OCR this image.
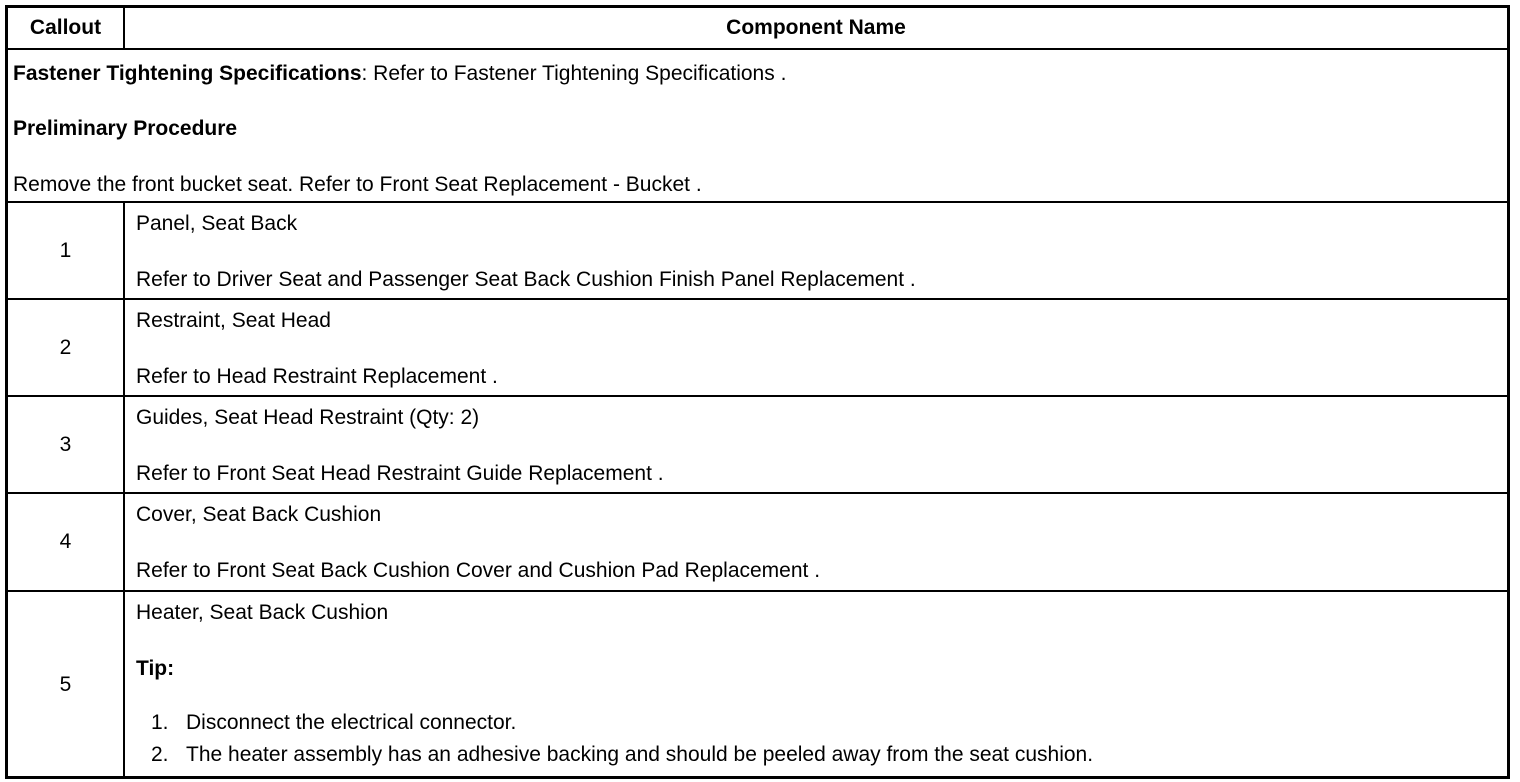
Callout	Component Name
Fastener Tightening Specifications: Refer to Fastener Tightening Specifications .
Preliminary Procedure
Remove the front bucket seat. Refer to Front Seat Replacement - Bucket .
1
Panel, Seat Back
Refer to Driver Seat and Passenger Seat Back Cushion Finish Panel Replacement .
2
Restraint, Seat Head
Refer to Head Restraint Replacement .
3
Guides, Seat Head Restraint (Qty: 2)
Refer to Front Seat Head Restraint Guide Replacement .
4
Cover, Seat Back Cushion
Refer to Front Seat Back Cushion Cover and Cushion Pad Replacement .
5
Heater, Seat Back Cushion
Tip:
1. Disconnect the electrical connector.
2. The heater assembly has an adhesive backing and should be peeled away from the seat cushion.
